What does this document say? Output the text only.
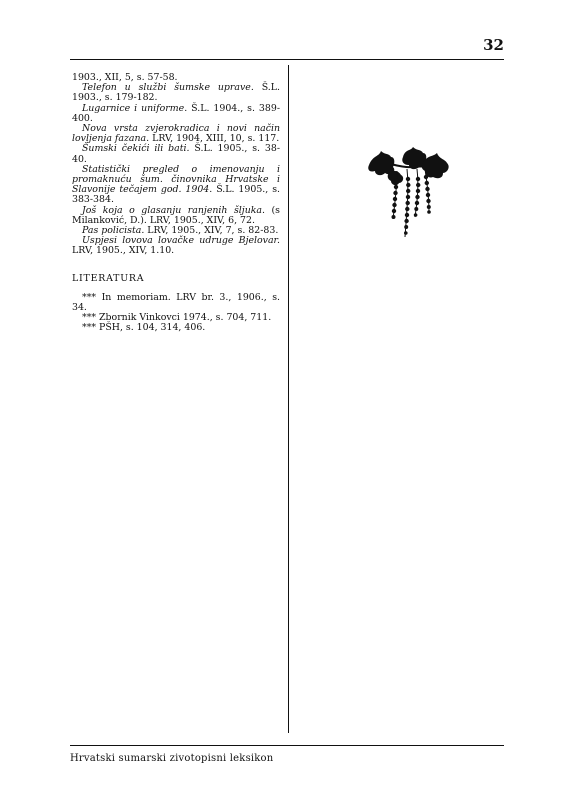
32

1903., XII, 5, s. 57-58.

Telefon u službi šumske uprave. Š.L. 1903., s. 179-182.

Lugarnice i uniforme. Š.L. 1904., s. 389-400.

Nova vrsta zvjerokradica i novi način lovljenja fazana. LRV, 1904, XIII, 10, s. 117.

Šumski čekići ili bati. Š.L. 1905., s. 38-40.

Statistički pregled o imenovanju i promaknuću šum. činovnika Hrvatske i Slavonije tečajem god. 1904. Š.L. 1905., s. 383-384.

Još koja o glasanju ranjenih šljuka. (s Milanković, D.). LRV, 1905., XIV, 6, 72.

Pas policista. LRV, 1905., XIV, 7, s. 82-83.

Uspjesi lovova lovačke udruge Bjelovar. LRV, 1905., XIV, 1.10.

LITERATURA

*** In memoriam. LRV br. 3., 1906., s. 34.

*** Zbornik Vinkovci 1974., s. 704, 711.

*** PŠH, s. 104, 314, 406.

Hrvatski sumarski zivotopisni leksikon
